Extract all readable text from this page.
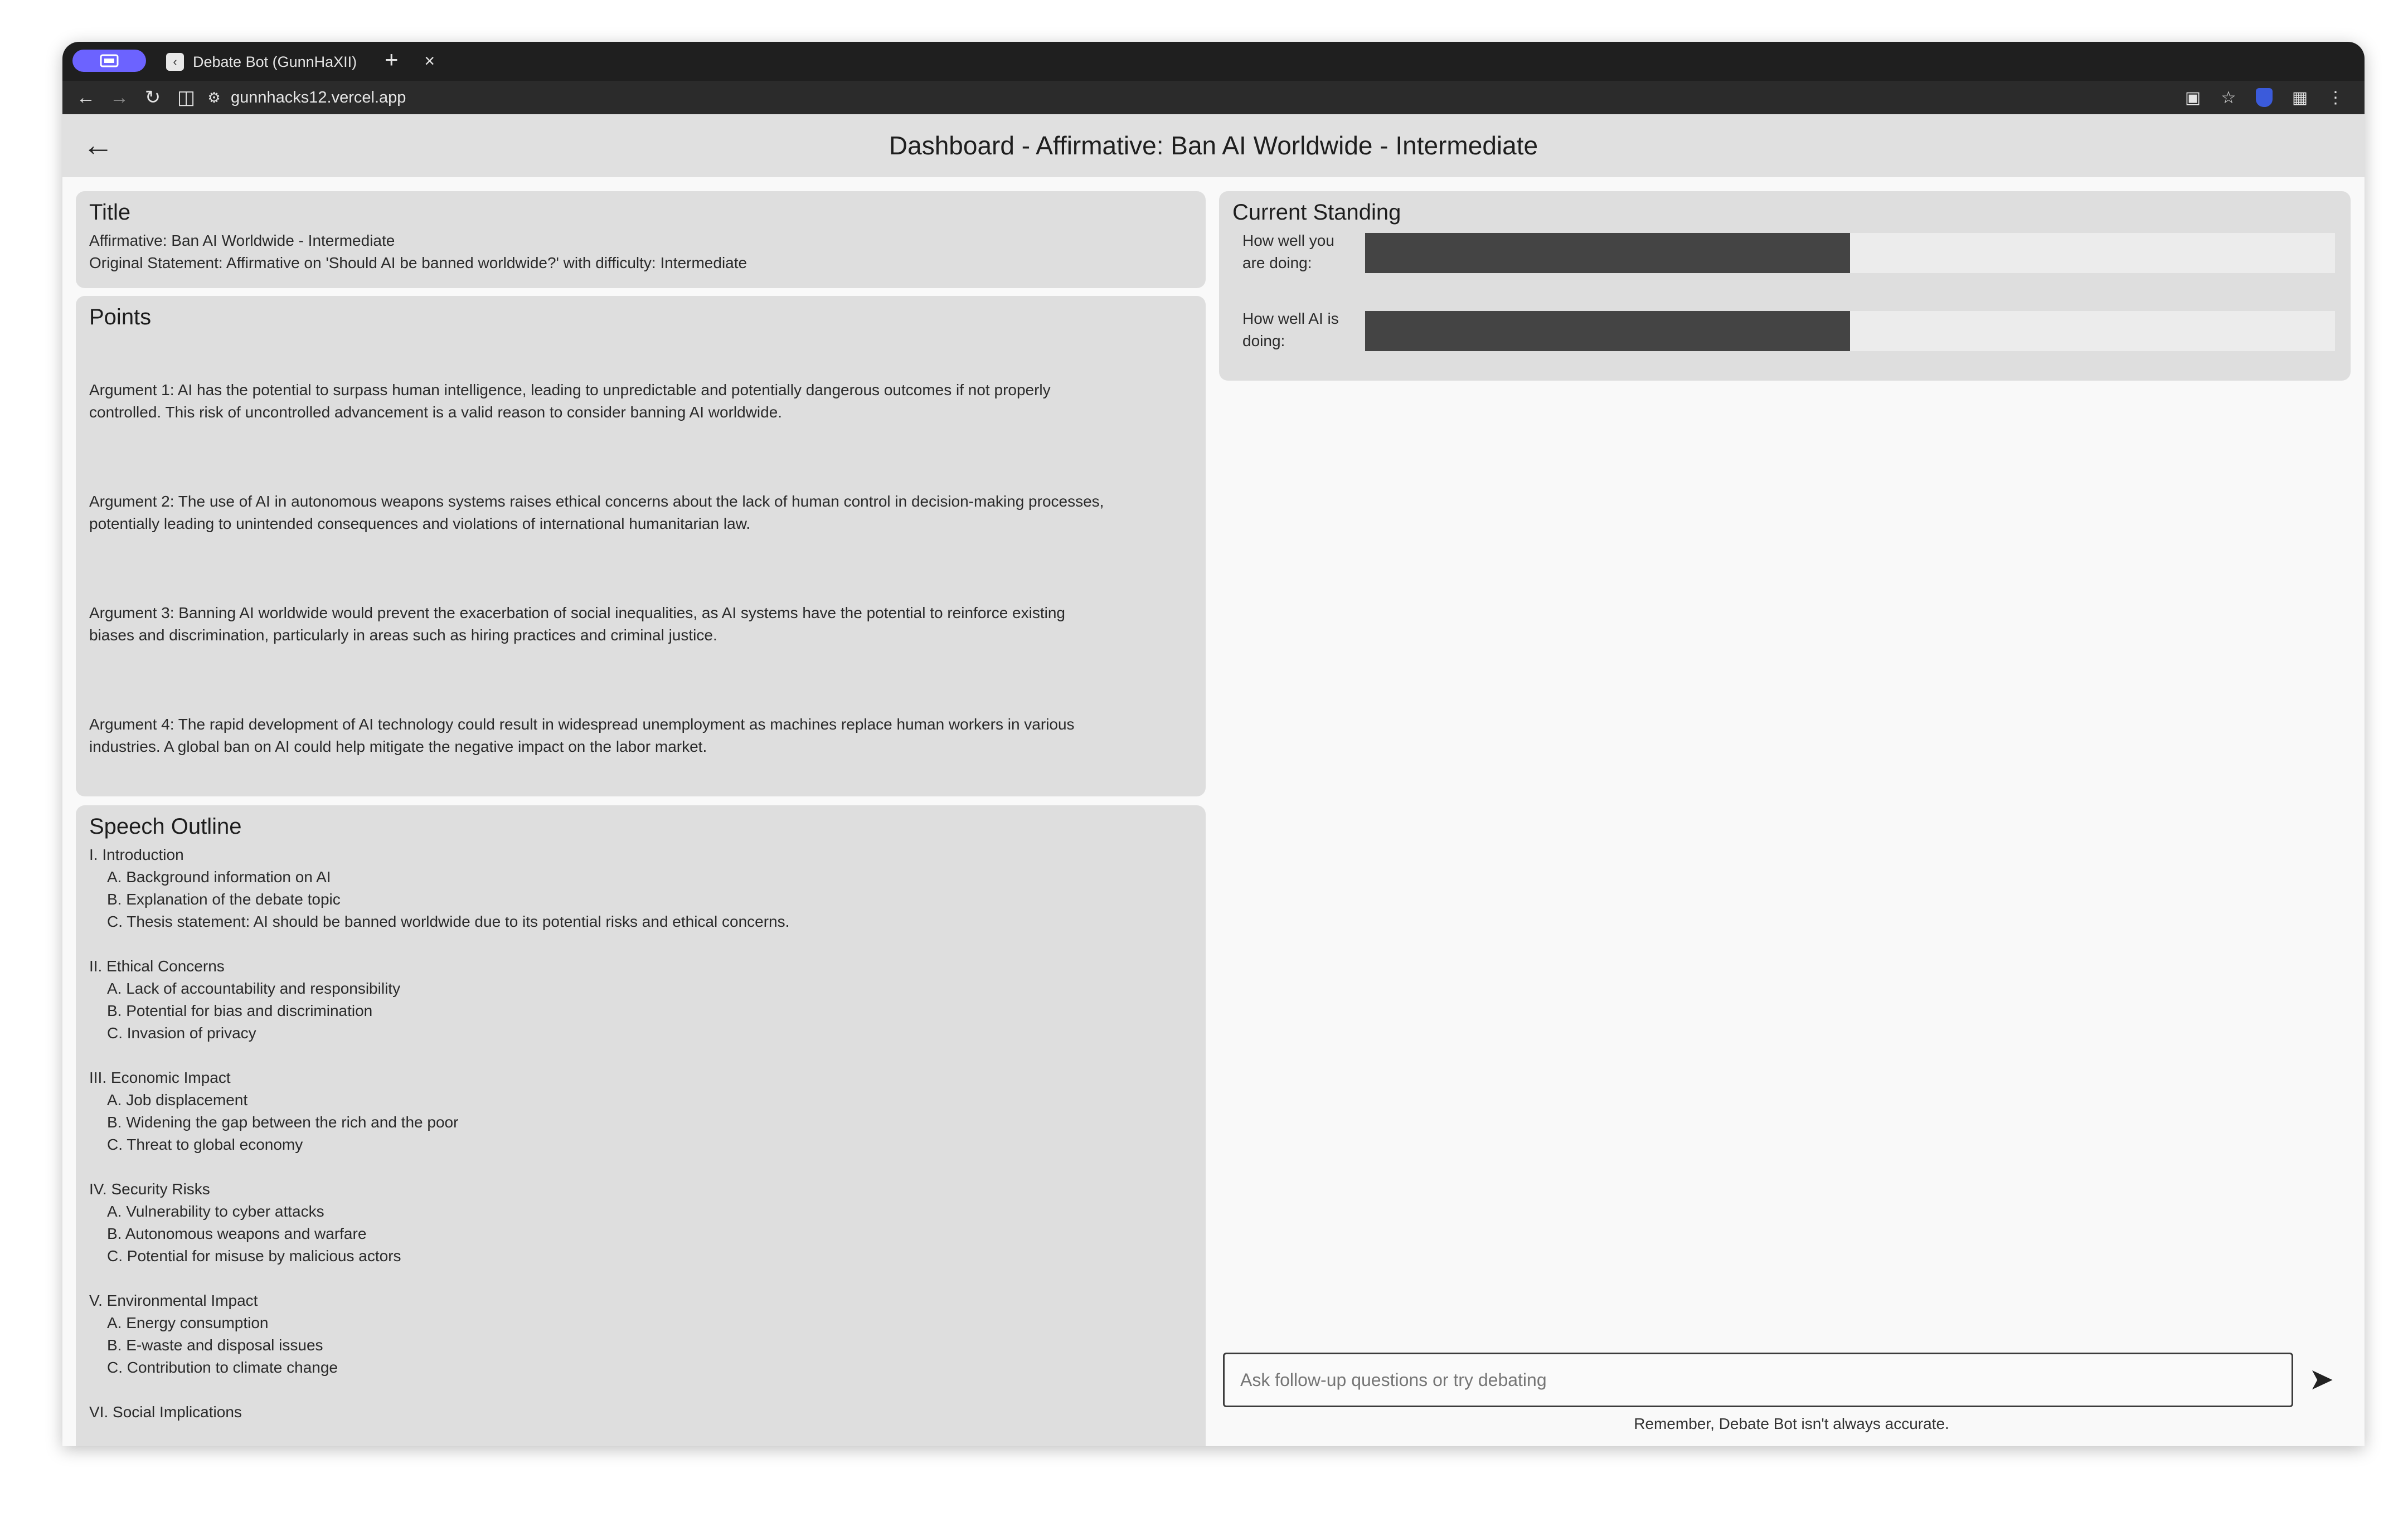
‹	Debate Bot (GunnHaXII)	×
+
← → ↻ ◫ ⚙ gunnhacks12.vercel.app	▣	☆	▦	⋮
←	Dashboard - Affirmative: Ban AI Worldwide - Intermediate
Title
Affirmative: Ban AI Worldwide - Intermediate
Original Statement: Affirmative on 'Should AI be banned worldwide?' with difficulty: Intermediate
Points

Argument 1: AI has the potential to surpass human intelligence, leading to unpredictable and potentially dangerous outcomes if not properly
controlled. This risk of uncontrolled advancement is a valid reason to consider banning AI worldwide.

Argument 2: The use of AI in autonomous weapons systems raises ethical concerns about the lack of human control in decision-making processes,
potentially leading to unintended consequences and violations of international humanitarian law.

Argument 3: Banning AI worldwide would prevent the exacerbation of social inequalities, as AI systems have the potential to reinforce existing
biases and discrimination, particularly in areas such as hiring practices and criminal justice.

Argument 4: The rapid development of AI technology could result in widespread unemployment as machines replace human workers in various
industries. A global ban on AI could help mitigate the negative impact on the labor market.

Speech Outline
I. Introduction
A. Background information on AI
B. Explanation of the debate topic
C. Thesis statement: AI should be banned worldwide due to its potential risks and ethical concerns.
II. Ethical Concerns
A. Lack of accountability and responsibility
B. Potential for bias and discrimination
C. Invasion of privacy
III. Economic Impact
A. Job displacement
B. Widening the gap between the rich and the poor
C. Threat to global economy
IV. Security Risks
A. Vulnerability to cyber attacks
B. Autonomous weapons and warfare
C. Potential for misuse by malicious actors
V. Environmental Impact
A. Energy consumption
B. E-waste and disposal issues
C. Contribution to climate change
VI. Social Implications
Current Standing
How well you are doing:
How well AI is doing:
Ask follow-up questions or try debating
➤
Remember, Debate Bot isn't always accurate.
